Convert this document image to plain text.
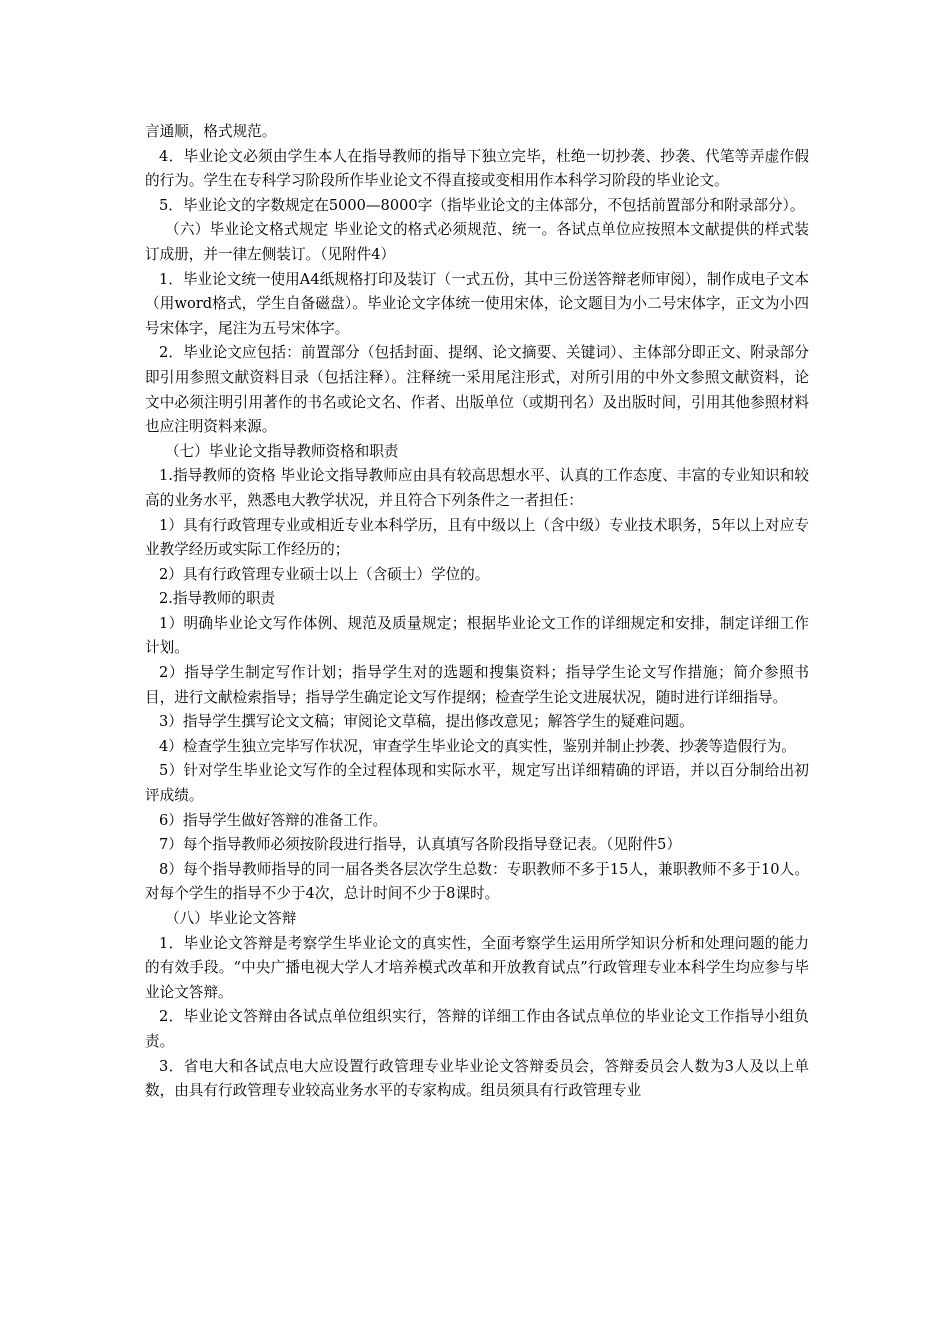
言通顺，格式规范。

4．毕业论文必须由学生本人在指导教师的指导下独立完毕，杜绝一切抄袭、抄袭、代笔等弄虚作假的行为。学生在专科学习阶段所作毕业论文不得直接或变相用作本科学习阶段的毕业论文。

5．毕业论文的字数规定在5000—8000字（指毕业论文的主体部分，不包括前置部分和附录部分）。

（六）毕业论文格式规定 毕业论文的格式必须规范、统一。各试点单位应按照本文献提供的样式装订成册，并一律左侧装订。（见附件4）

1．毕业论文统一使用A4纸规格打印及装订（一式五份，其中三份送答辩老师审阅），制作成电子文本（用word格式，学生自备磁盘）。毕业论文字体统一使用宋体，论文题目为小二号宋体字，正文为小四号宋体字，尾注为五号宋体字。

2．毕业论文应包括：前置部分（包括封面、提纲、论文摘要、关键词）、主体部分即正文、附录部分即引用参照文献资料目录（包括注释）。注释统一采用尾注形式，对所引用的中外文参照文献资料，论文中必须注明引用著作的书名或论文名、作者、出版单位（或期刊名）及出版时间，引用其他参照材料也应注明资料来源。

（七）毕业论文指导教师资格和职责

1.指导教师的资格 毕业论文指导教师应由具有较高思想水平、认真的工作态度、丰富的专业知识和较高的业务水平，熟悉电大教学状况，并且符合下列条件之一者担任：

1）具有行政管理专业或相近专业本科学历，且有中级以上（含中级）专业技术职务，5年以上对应专业教学经历或实际工作经历的；

2）具有行政管理专业硕士以上（含硕士）学位的。

2.指导教师的职责

1）明确毕业论文写作体例、规范及质量规定；根据毕业论文工作的详细规定和安排，制定详细工作计划。

2）指导学生制定写作计划；指导学生对的选题和搜集资料；指导学生论文写作措施；简介参照书目，进行文献检索指导；指导学生确定论文写作提纲；检查学生论文进展状况，随时进行详细指导。

3）指导学生撰写论文文稿；审阅论文草稿，提出修改意见；解答学生的疑难问题。

4）检查学生独立完毕写作状况，审查学生毕业论文的真实性，鉴别并制止抄袭、抄袭等造假行为。

5）针对学生毕业论文写作的全过程体现和实际水平，规定写出详细精确的评语，并以百分制给出初评成绩。

6）指导学生做好答辩的准备工作。

7）每个指导教师必须按阶段进行指导，认真填写各阶段指导登记表。（见附件5）

8）每个指导教师指导的同一届各类各层次学生总数：专职教师不多于15人，兼职教师不多于10人。对每个学生的指导不少于4次，总计时间不少于8课时。

（八）毕业论文答辩

1．毕业论文答辩是考察学生毕业论文的真实性，全面考察学生运用所学知识分析和处理问题的能力的有效手段。“中央广播电视大学人才培养模式改革和开放教育试点”行政管理专业本科学生均应参与毕业论文答辩。

2．毕业论文答辩由各试点单位组织实行，答辩的详细工作由各试点单位的毕业论文工作指导小组负责。

3．省电大和各试点电大应设置行政管理专业毕业论文答辩委员会，答辩委员会人数为3人及以上单数，由具有行政管理专业较高业务水平的专家构成。组员须具有行政管理专业
